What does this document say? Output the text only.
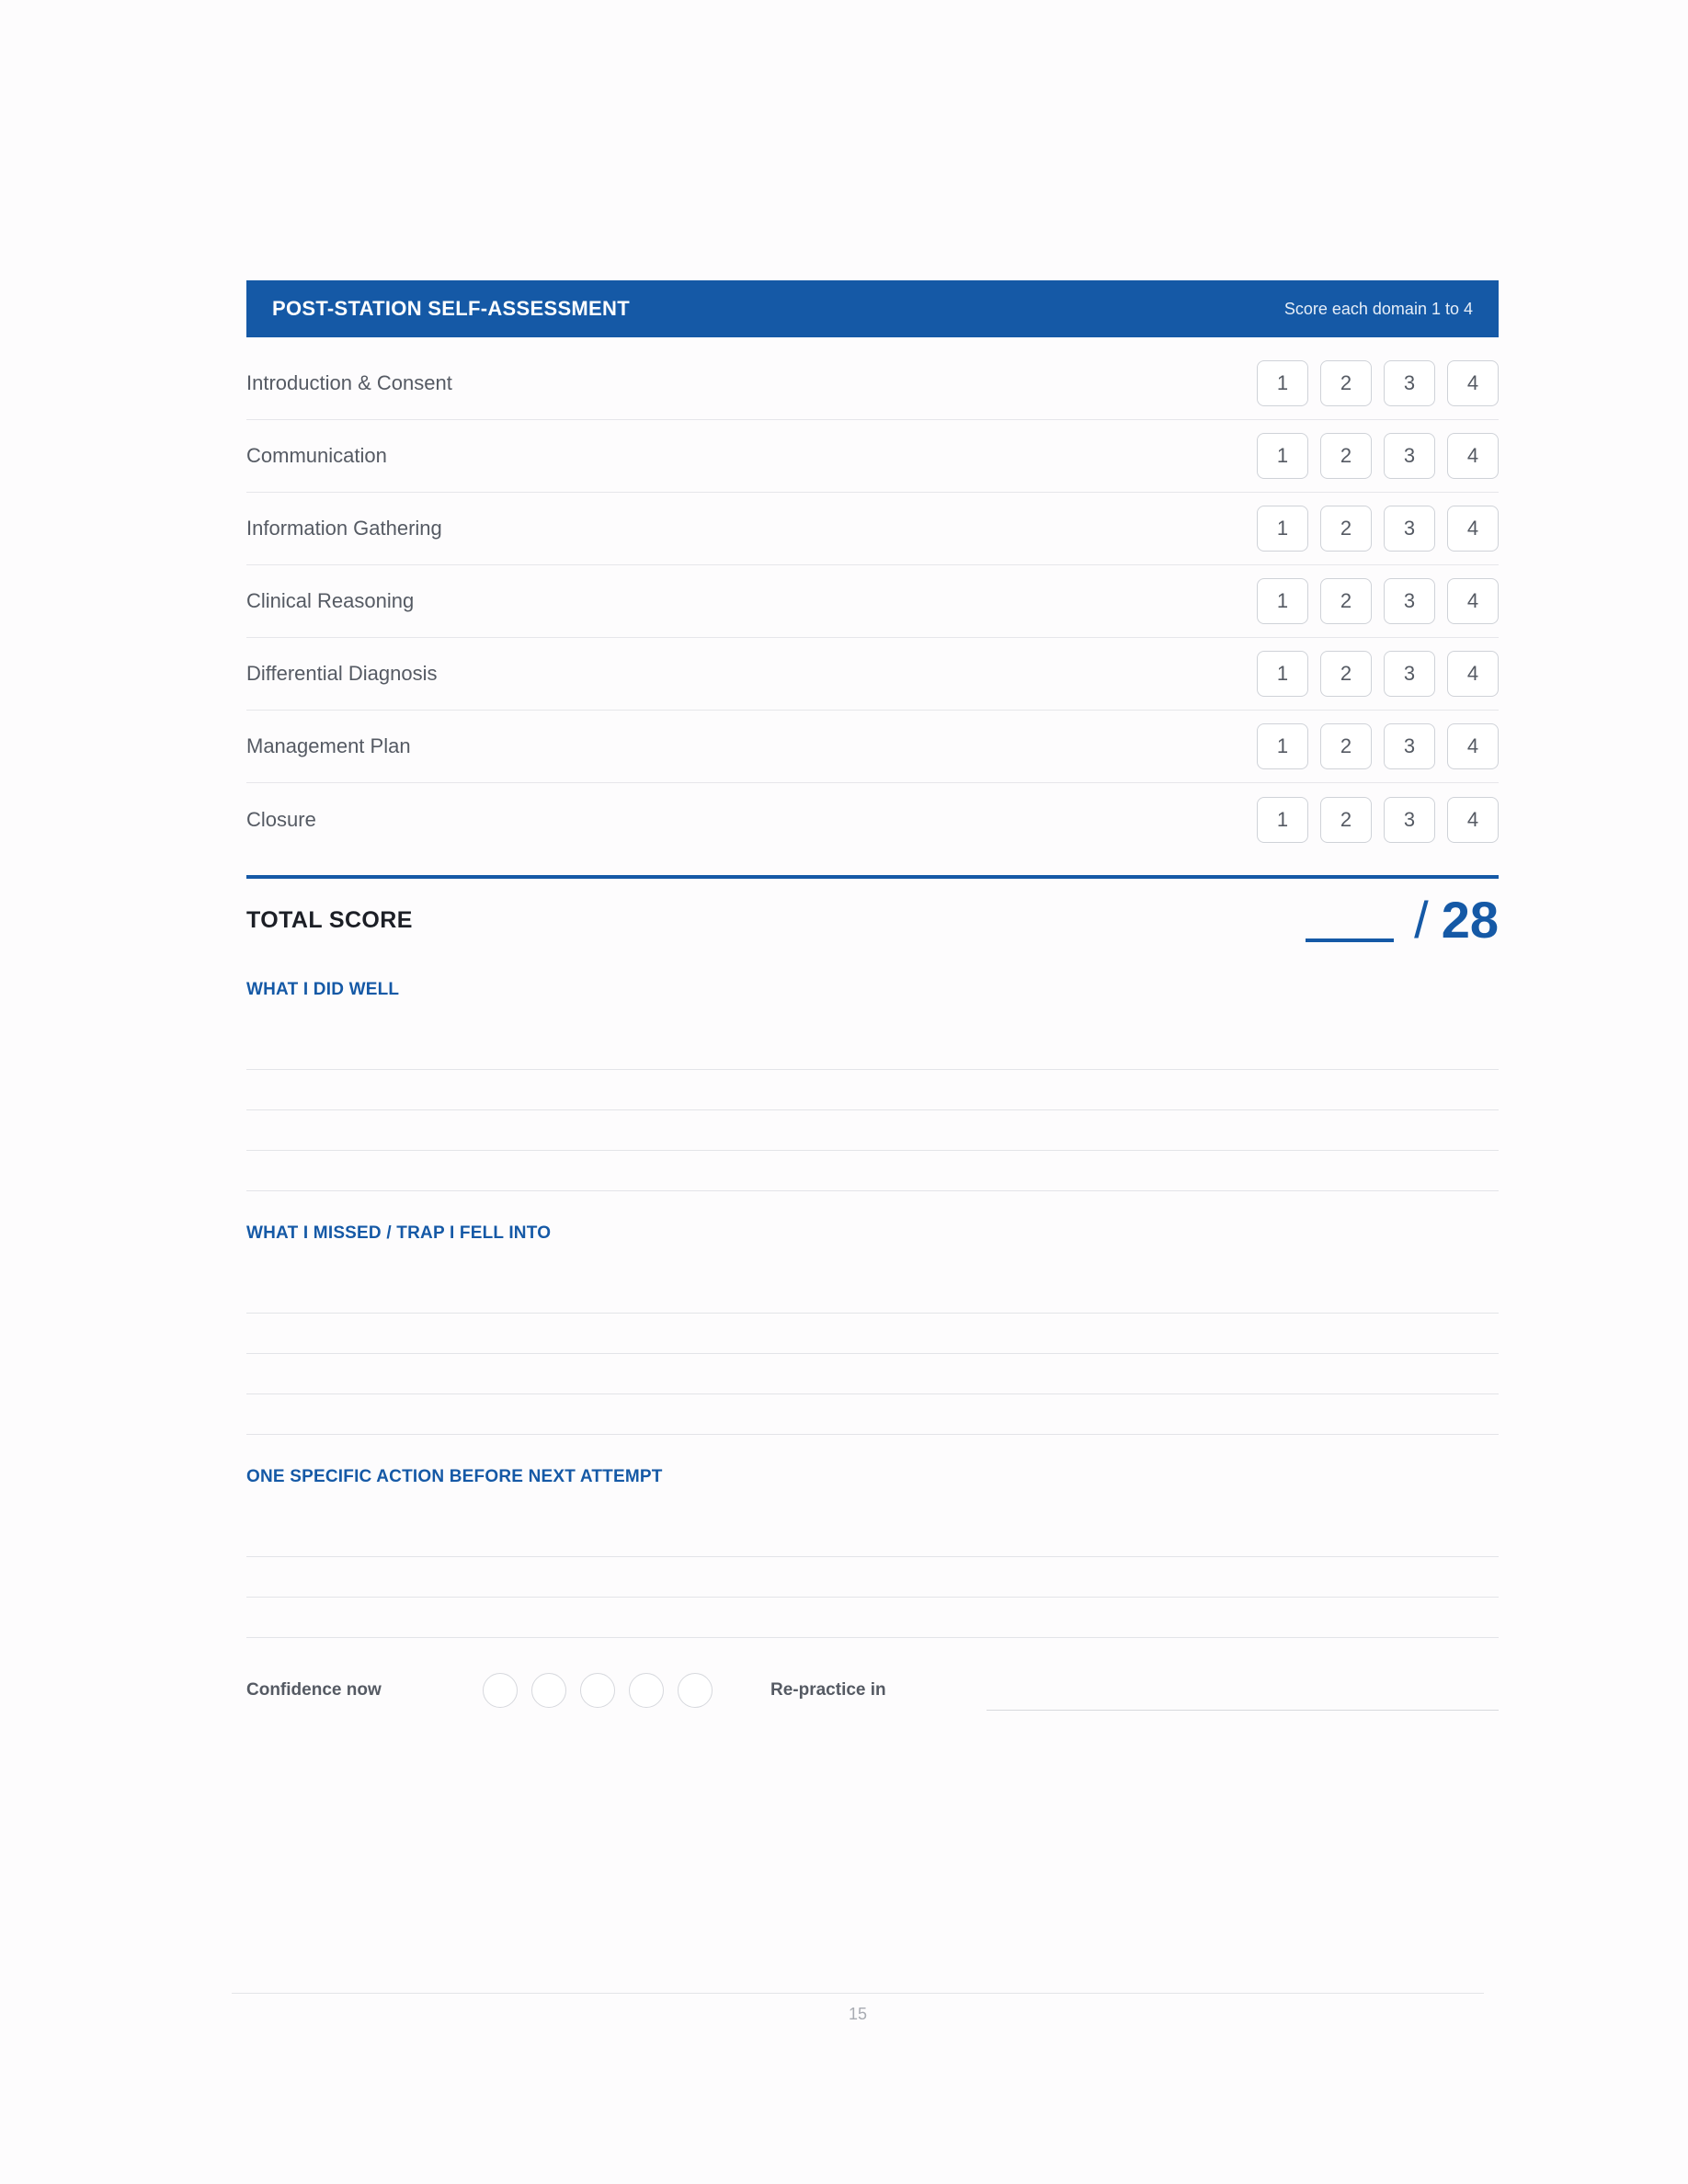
POST-STATION SELF-ASSESSMENT	Score each domain 1 to 4
Introduction & Consent	1	2	3	4
Communication	1	2	3	4
Information Gathering	1	2	3	4
Clinical Reasoning	1	2	3	4
Differential Diagnosis	1	2	3	4
Management Plan	1	2	3	4
Closure	1	2	3	4
TOTAL SCORE	/ 28
WHAT I DID WELL
WHAT I MISSED / TRAP I FELL INTO
ONE SPECIFIC ACTION BEFORE NEXT ATTEMPT
Confidence now	Re-practice in
15
